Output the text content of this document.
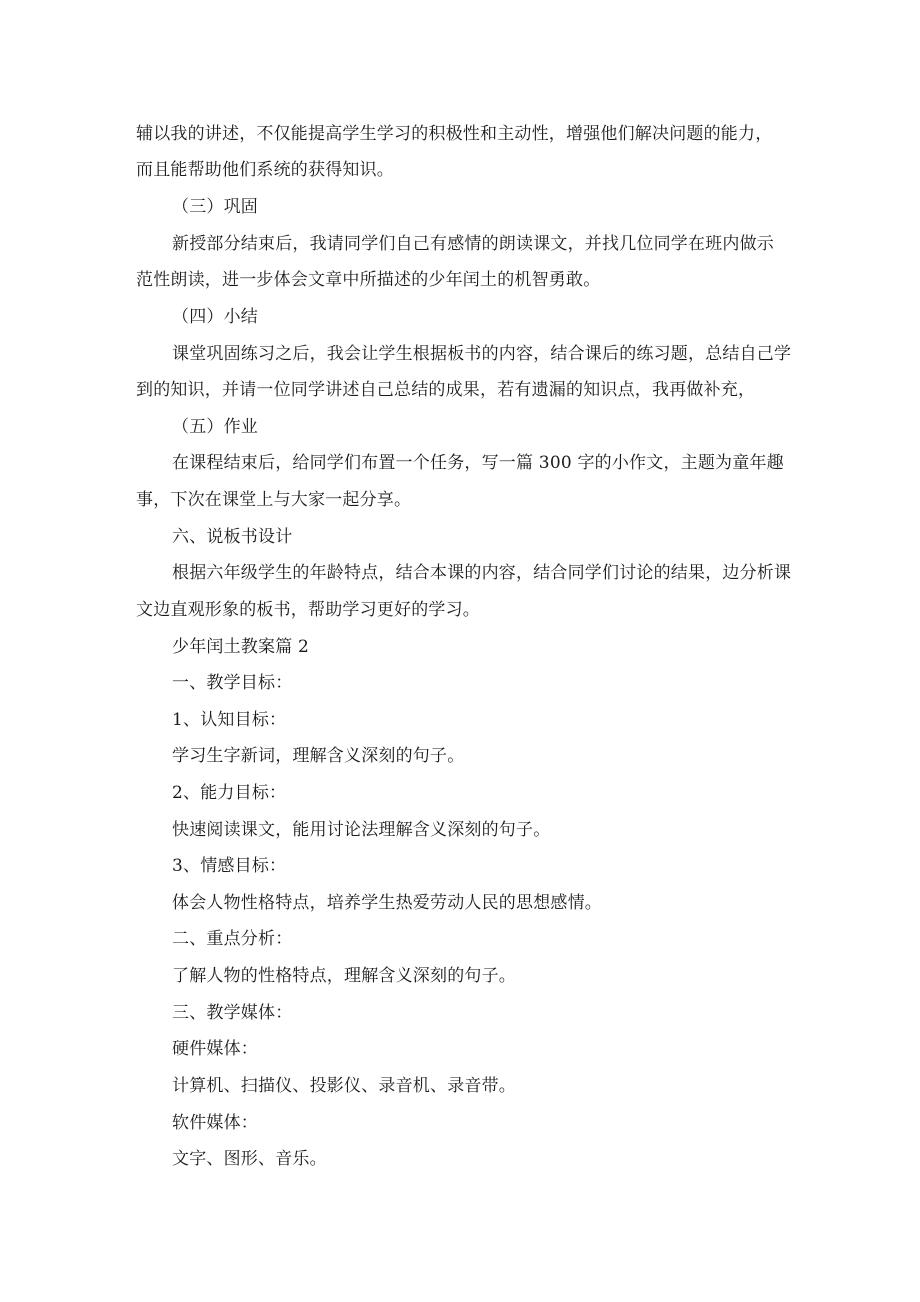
辅以我的讲述，不仅能提高学生学习的积极性和主动性，增强他们解决问题的能力，
而且能帮助他们系统的获得知识。
（三）巩固
新授部分结束后，我请同学们自己有感情的朗读课文，并找几位同学在班内做示
范性朗读，进一步体会文章中所描述的少年闰土的机智勇敢。
（四）小结
课堂巩固练习之后，我会让学生根据板书的内容，结合课后的练习题，总结自己学
到的知识，并请一位同学讲述自己总结的成果，若有遗漏的知识点，我再做补充，
（五）作业
在课程结束后，给同学们布置一个任务，写一篇 300 字的小作文，主题为童年趣
事，下次在课堂上与大家一起分享。
六、说板书设计
根据六年级学生的年龄特点，结合本课的内容，结合同学们讨论的结果，边分析课
文边直观形象的板书，帮助学习更好的学习。
少年闰土教案篇 2
一、教学目标：
1、认知目标：
学习生字新词，理解含义深刻的句子。
2、能力目标：
快速阅读课文，能用讨论法理解含义深刻的句子。
3、情感目标：
体会人物性格特点，培养学生热爱劳动人民的思想感情。
二、重点分析：
了解人物的性格特点，理解含义深刻的句子。
三、教学媒体：
硬件媒体：
计算机、扫描仪、投影仪、录音机、录音带。
软件媒体：
文字、图形、音乐。
